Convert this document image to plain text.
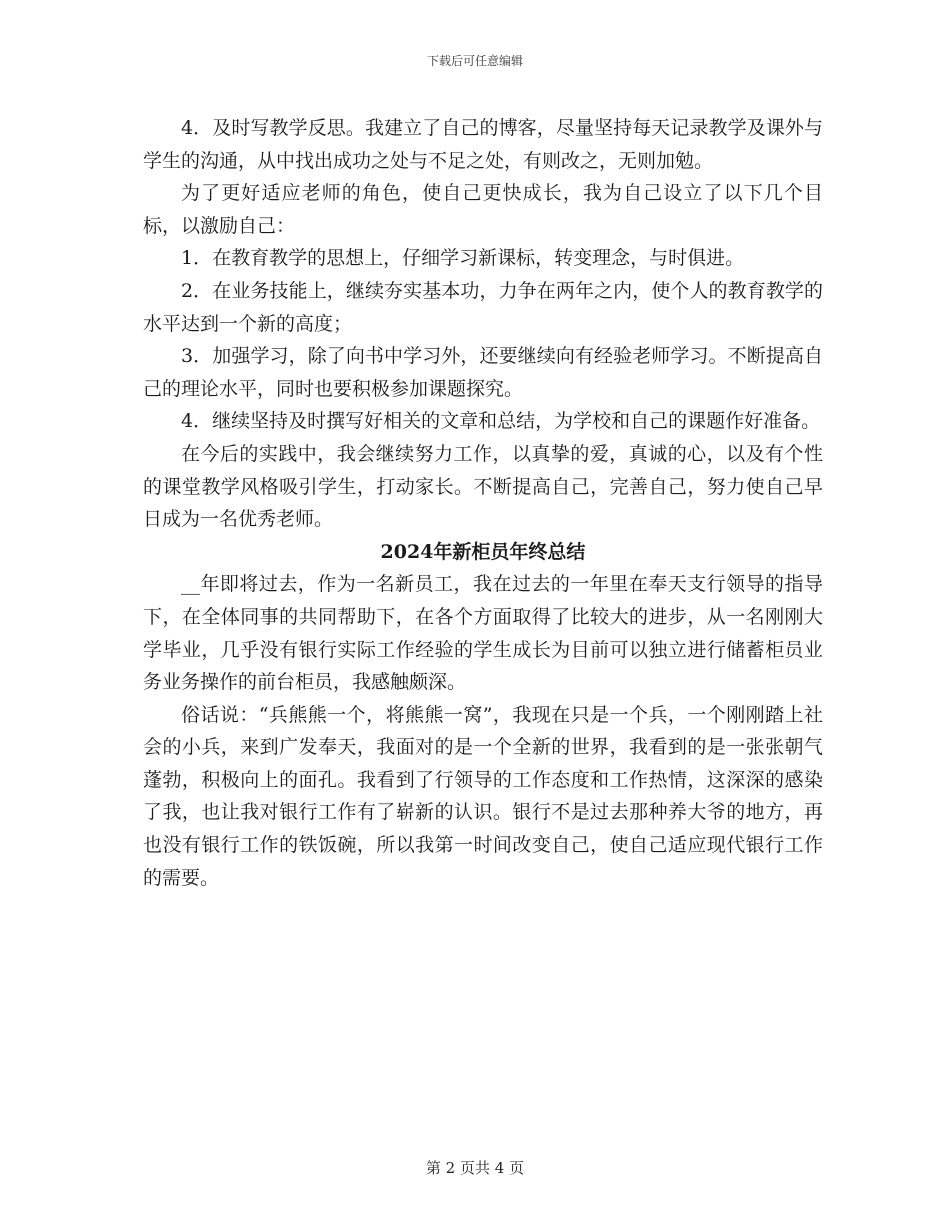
下载后可任意编辑

4．及时写教学反思。我建立了自己的博客，尽量坚持每天记录教学及课外与学生的沟通，从中找出成功之处与不足之处，有则改之，无则加勉。

为了更好适应老师的角色，使自己更快成长，我为自己设立了以下几个目标，以激励自己：

1．在教育教学的思想上，仔细学习新课标，转变理念，与时俱进。

2．在业务技能上，继续夯实基本功，力争在两年之内，使个人的教育教学的水平达到一个新的高度；

3．加强学习，除了向书中学习外，还要继续向有经验老师学习。不断提高自己的理论水平，同时也要积极参加课题探究。

4．继续坚持及时撰写好相关的文章和总结，为学校和自己的课题作好准备。

在今后的实践中，我会继续努力工作，以真挚的爱，真诚的心，以及有个性的课堂教学风格吸引学生，打动家长。不断提高自己，完善自己，努力使自己早日成为一名优秀老师。

2024年新柜员年终总结

__年即将过去，作为一名新员工，我在过去的一年里在奉天支行领导的指导下，在全体同事的共同帮助下，在各个方面取得了比较大的进步，从一名刚刚大学毕业，几乎没有银行实际工作经验的学生成长为目前可以独立进行储蓄柜员业务业务操作的前台柜员，我感触颇深。

俗话说：“兵熊熊一个，将熊熊一窝”，我现在只是一个兵，一个刚刚踏上社会的小兵，来到广发奉天，我面对的是一个全新的世界，我看到的是一张张朝气蓬勃，积极向上的面孔。我看到了行领导的工作态度和工作热情，这深深的感染了我，也让我对银行工作有了崭新的认识。银行不是过去那种养大爷的地方，再也没有银行工作的铁饭碗，所以我第一时间改变自己，使自己适应现代银行工作的需要。

第 2 页共 4 页
